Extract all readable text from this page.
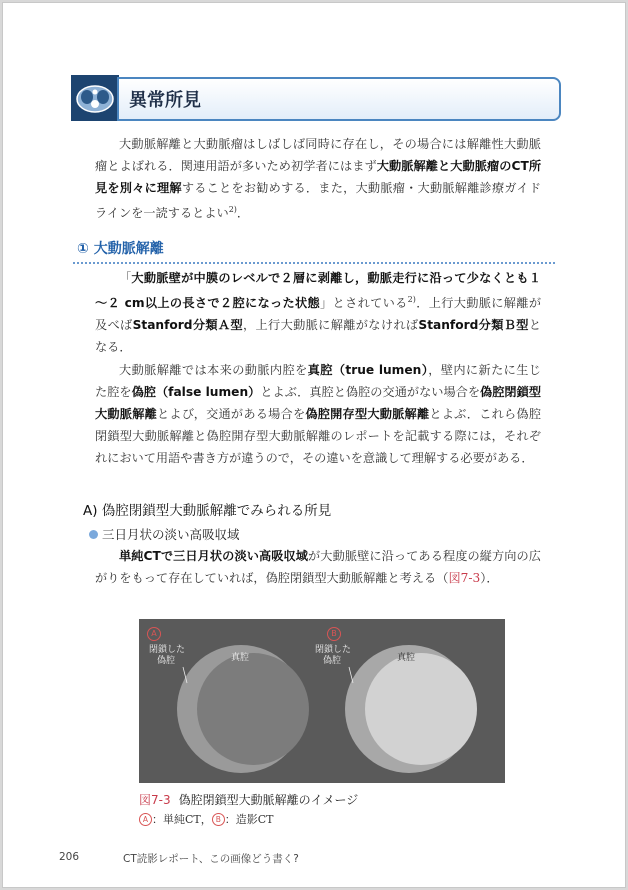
異常所見

大動脈解離と大動脈瘤はしばしば同時に存在し，その場合には解離性大動脈瘤とよばれる．関連用語が多いため初学者にはまず大動脈解離と大動脈瘤のCT所見を別々に理解することをお勧めする．また，大動脈瘤・大動脈解離診療ガイドラインを一読するとよい$^{2)}$．

① 大動脈解離

「大動脈壁が中膜のレベルで２層に剥離し，動脈走行に沿って少なくとも１～２ cm以上の長さで２腔になった状態」とされている$^{2)}$．上行大動脈に解離が及べばStanford分類Ａ型，上行大動脈に解離がなければStanford分類Ｂ型となる．

大動脈解離では本来の動脈内腔を真腔（true lumen），壁内に新たに生じた腔を偽腔（false lumen）とよぶ．真腔と偽腔の交通がない場合を偽腔閉鎖型大動脈解離とよび，交通がある場合を偽腔開存型大動脈解離とよぶ．これら偽腔閉鎖型大動脈解離と偽腔開存型大動脈解離のレポートを記載する際には，それぞれにおいて用語や書き方が違うので，その違いを意識して理解する必要がある．

A) 偽腔閉鎖型大動脈解離でみられる所見
三日月状の淡い高吸収域

単純CTで三日月状の淡い高吸収域が大動脈壁に沿ってある程度の縦方向の広がりをもって存在していれば，偽腔閉鎖型大動脈解離と考える（図7-3）．

A
閉鎖した
偽腔	真腔
B
閉鎖した
偽腔	真腔
図7-3 偽腔閉鎖型大動脈解離のイメージ
A ：単純CT， B ：造影CT
206	CT読影レポート、この画像どう書く?
